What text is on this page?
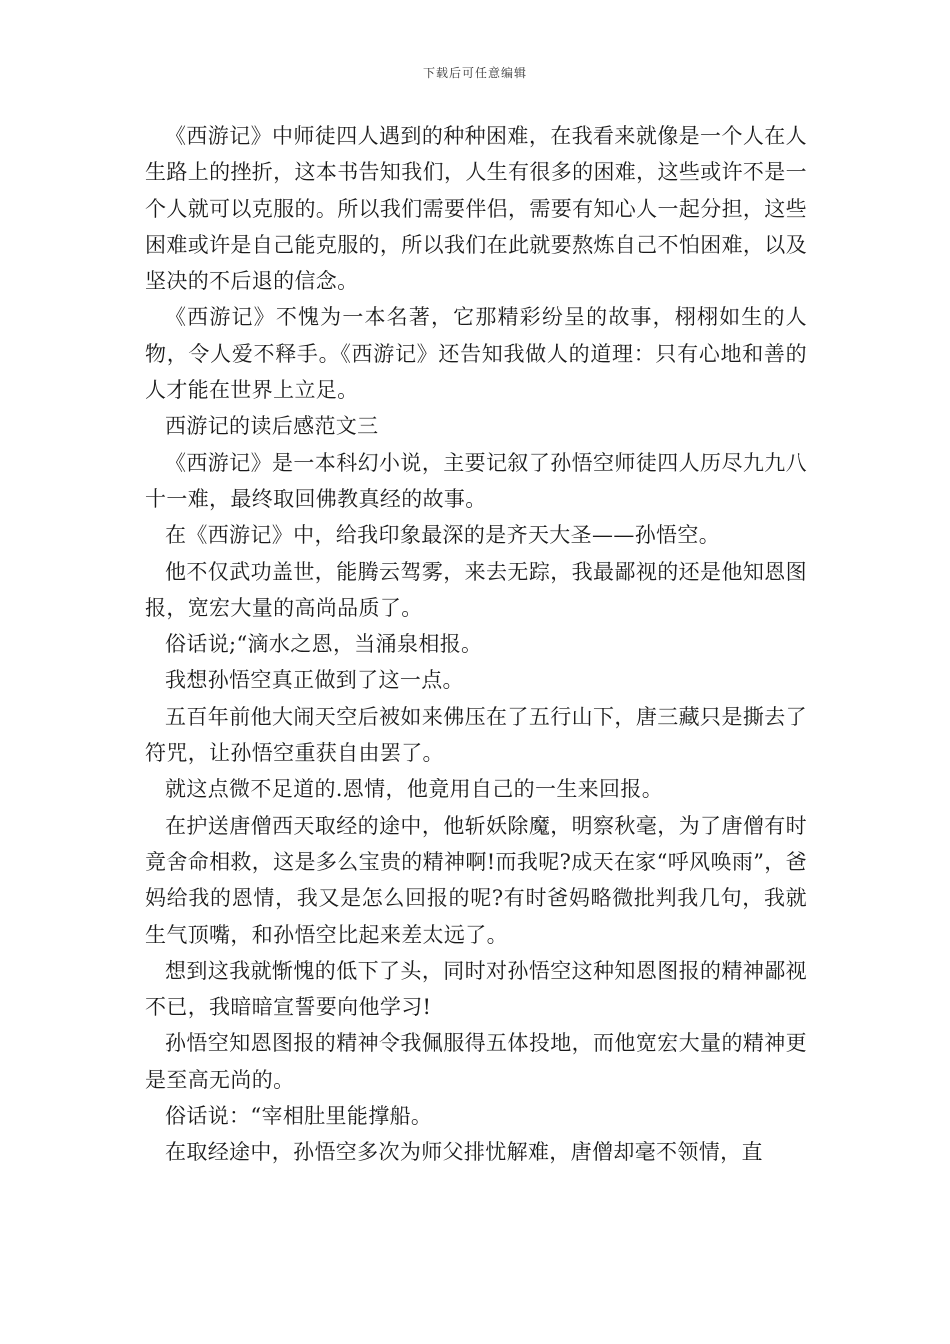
下载后可任意编辑

《西游记》中师徒四人遇到的种种困难，在我看来就像是一个人在人生路上的挫折，这本书告知我们，人生有很多的困难，这些或许不是一个人就可以克服的。所以我们需要伴侣，需要有知心人一起分担，这些困难或许是自己能克服的，所以我们在此就要熬炼自己不怕困难，以及坚决的不后退的信念。

《西游记》不愧为一本名著，它那精彩纷呈的故事，栩栩如生的人物，令人爱不释手。《西游记》还告知我做人的道理：只有心地和善的人才能在世界上立足。

西游记的读后感范文三

《西游记》是一本科幻小说，主要记叙了孙悟空师徒四人历尽九九八十一难，最终取回佛教真经的故事。

在《西游记》中，给我印象最深的是齐天大圣——孙悟空。

他不仅武功盖世，能腾云驾雾，来去无踪，我最鄙视的还是他知恩图报，宽宏大量的高尚品质了。

俗话说;“滴水之恩，当涌泉相报。

我想孙悟空真正做到了这一点。

五百年前他大闹天空后被如来佛压在了五行山下，唐三藏只是撕去了符咒，让孙悟空重获自由罢了。

就这点微不足道的.恩情，他竟用自己的一生来回报。

在护送唐僧西天取经的途中，他斩妖除魔，明察秋毫，为了唐僧有时竟舍命相救，这是多么宝贵的精神啊!而我呢?成天在家“呼风唤雨”，爸妈给我的恩情，我又是怎么回报的呢?有时爸妈略微批判我几句，我就生气顶嘴，和孙悟空比起来差太远了。

想到这我就惭愧的低下了头，同时对孙悟空这种知恩图报的精神鄙视不已，我暗暗宣誓要向他学习!

孙悟空知恩图报的精神令我佩服得五体投地，而他宽宏大量的精神更是至高无尚的。

俗话说：“宰相肚里能撑船。

在取经途中，孙悟空多次为师父排忧解难，唐僧却毫不领情，直
